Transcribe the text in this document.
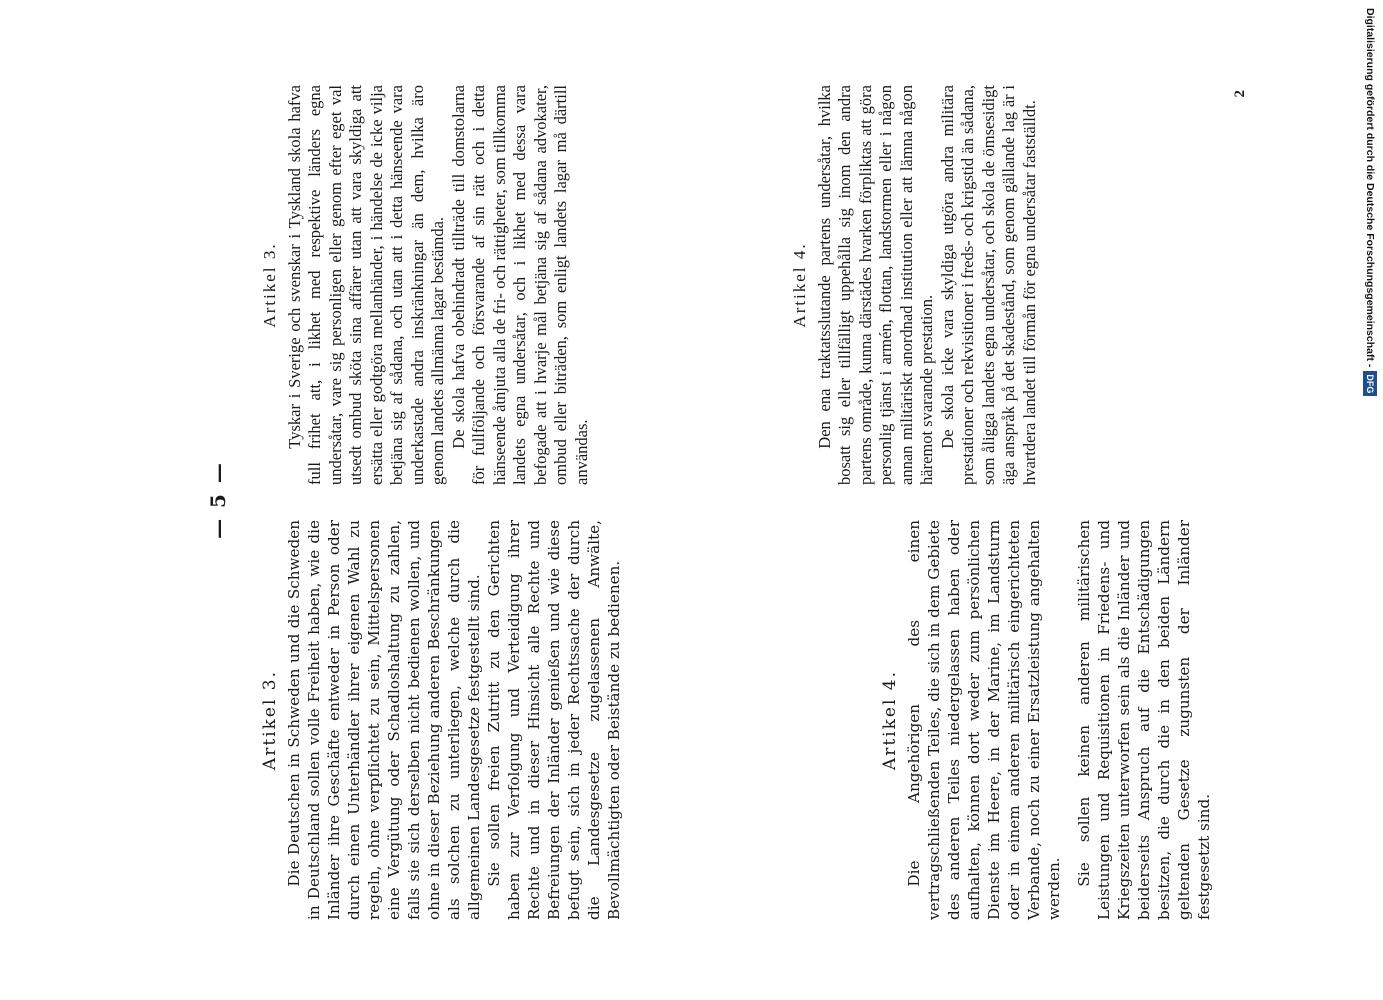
— 5 —
Artikel 3. Die Deutschen in Schweden und die Schweden in Deutschland sollen volle Freiheit haben, wie die Inländer ihre Geschäfte entweder in Person oder durch einen Unterhändler ihrer eigenen Wahl zu regeln, ohne verpflichtet zu sein, Mittelspersonen eine Vergütung oder Schadloshaltung zu zahlen, falls sie sich derselben nicht bedienen wollen, und ohne in dieser Beziehung anderen Beschränkungen als solchen zu unterliegen, welche durch die allgemeinen Landesgesetze festgestellt sind. Sie sollen freien Zutritt zu den Gerichten haben zur Verfolgung und Verteidigung ihrer Rechte und in dieser Hinsicht alle Rechte und Befreiungen der Inländer genießen und wie diese befugt sein, sich in jeder Rechtssache der durch die Landesgesetze zugelassenen Anwälte, Bevollmächtigten oder Beistände zu bedienen.

Artikel 3. Tyskar i Sverige och svenskar i Tyskland skola hafva full frihet att, i likhet med respektive länders egna undersåtar, vare sig personligen eller genom efter eget val utsedt ombud sköta sina affärer utan att vara skyldiga att ersätta eller godtgöra mellanhänder, i händelse de icke vilja betjäna sig af sådana, och utan att i detta hänseende vara underkastade andra inskränkningar än dem, hvilka äro genom landets allmänna lagar bestämda. De skola hafva obehindradt tillträde till domstolarna för fullföljande och försvarande af sin rätt och i detta hänseende åtnjuta alla de fri- och rättigheter, som tillkomma landets egna undersåtar, och i likhet med dessa vara befogade att i hvarje mål betjäna sig af sådana advokater, ombud eller biträden, som enligt landets lagar må därtill användas.

Artikel 4. Die Angehörigen des einen vertragschließenden Teiles, die sich in dem Gebiete des anderen Teiles niedergelassen haben oder aufhalten, können dort weder zum persönlichen Dienste im Heere, in der Marine, im Landsturm oder in einem anderen militärisch eingerichteten Verbande, noch zu einer Ersatzleistung angehalten werden.

Sie sollen keinen anderen militärischen Leistungen und Requisitionen in Friedens- und Kriegszeiten unterworfen sein als die Inländer und beiderseits Anspruch auf die Entschädigungen besitzen, die durch die in den beiden Ländern geltenden Gesetze zugunsten der Inländer festgesetzt sind.

Artikel 4. Den ena traktatsslutande partens undersåtar, hvilka bosatt sig eller tillfälligt uppehålla sig inom den andra partens område, kunna därstädes hvarken förpliktas att göra personlig tjänst i armén, flottan, landstormen eller i någon annan militäriskt anordnad institution eller att lämna någon häremot svarande prestation. De skola icke vara skyldiga utgöra andra militära prestationer och rekvisitioner i freds- och krigstid än sådana, som åligga landets egna undersåtar, och skola de ömsesidigt äga anspråk på det skadestånd, som genom gällande lag är i hvartdera landet till förmån för egna undersåtar fastställdt.

2	Digitalisierung gefördert durch die Deutsche Forschungsgemeinschaft -
DFG
